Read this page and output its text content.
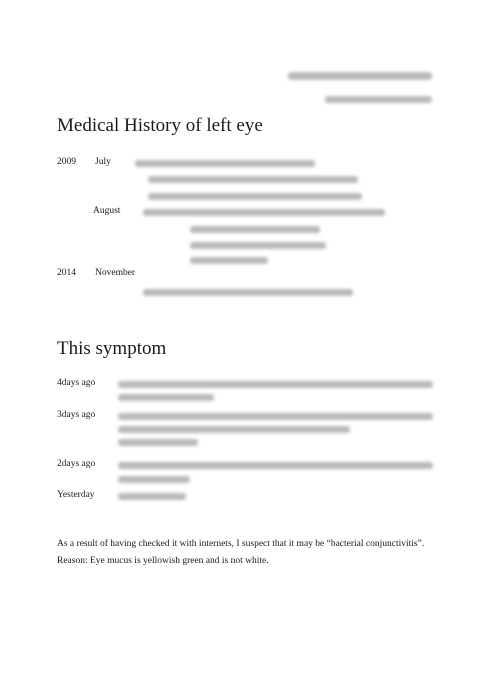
Medical History of left eye
2009 July
August
2014 November
This symptom
4days ago
3days ago
2days ago
Yesterday

As a result of having checked it with internets, I suspect that it may be “bacterial conjunctivitis”.

Reason: Eye mucus is yellowish green and is not white.
